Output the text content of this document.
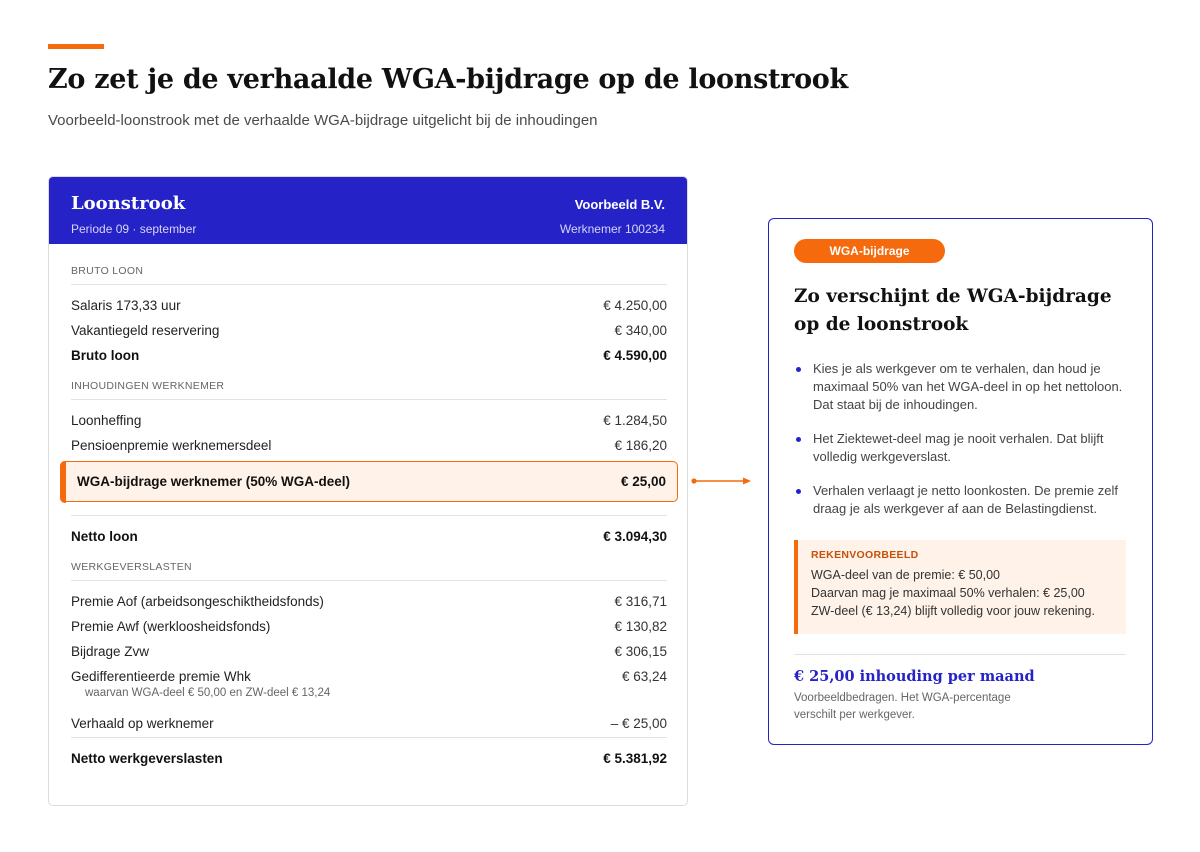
Zo zet je de verhaalde WGA-bijdrage op de loonstrook

Voorbeeld-loonstrook met de verhaalde WGA-bijdrage uitgelicht bij de inhoudingen

Loonstrook
Periode 09 · september
Voorbeeld B.V.
Werknemer 100234
BRUTO LOON
Salaris 173,33 uur	€ 4.250,00
Vakantiegeld reservering	€ 340,00
Bruto loon	€ 4.590,00
INHOUDINGEN WERKNEMER
Loonheffing	€ 1.284,50
Pensioenpremie werknemersdeel	€ 186,20
WGA-bijdrage werknemer (50% WGA-deel)	€ 25,00
Netto loon	€ 3.094,30
WERKGEVERSLASTEN
Premie Aof (arbeidsongeschiktheidsfonds)	€ 316,71
Premie Awf (werkloosheidsfonds)	€ 130,82
Bijdrage Zvw	€ 306,15
Gedifferentieerde premie Whk	€ 63,24
waarvan WGA-deel € 50,00 en ZW-deel € 13,24
Verhaald op werknemer	– € 25,00
Netto werkgeverslasten	€ 5.381,92
WGA-bijdrage
Zo verschijnt de WGA-bijdrage op de loonstrook
Kies je als werkgever om te verhalen, dan houd je maximaal 50% van het WGA-deel in op het nettoloon. Dat staat bij de inhoudingen.
Het Ziektewet-deel mag je nooit verhalen. Dat blijft volledig werkgeverslast.
Verhalen verlaagt je netto loonkosten. De premie zelf draag je als werkgever af aan de Belastingdienst.
REKENVOORBEELD
WGA-deel van de premie: € 50,00
Daarvan mag je maximaal 50% verhalen: € 25,00
ZW-deel (€ 13,24) blijft volledig voor jouw rekening.
€ 25,00 inhouding per maand

Voorbeeldbedragen. Het WGA-percentage verschilt per werkgever.
